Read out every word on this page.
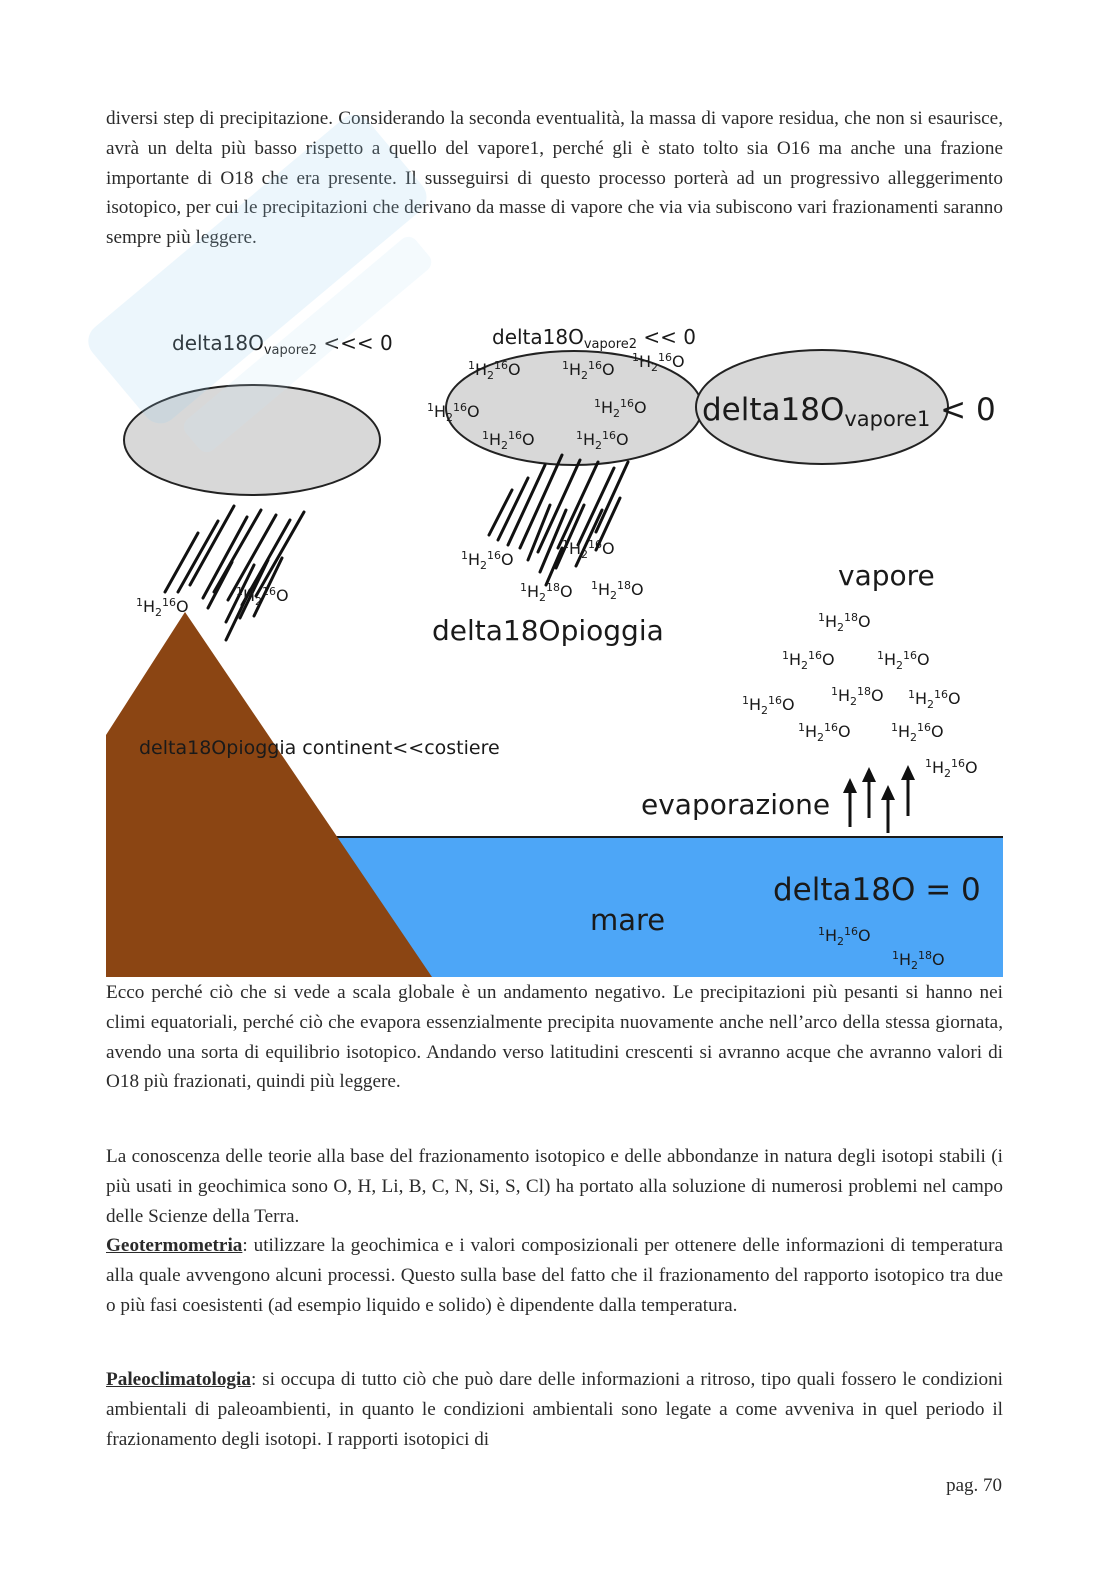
diversi step di precipitazione. Considerando la seconda eventualità, la massa di vapore residua, che non si esaurisce, avrà un delta più basso rispetto a quello del vapore1, perché gli è stato tolto sia O16 ma anche una frazione importante di O18 che era presente. Il susseguirsi di questo processo porterà ad un progressivo alleggerimento isotopico, per cui le precipitazioni che derivano da masse di vapore che via via subiscono vari frazionamenti saranno sempre più leggere.

$delta18O_{vapore2}$ <<< 0	$delta18O_{vapore2} << 0$
delta18Ovapore1 < 0
delta18Opioggia
delta18Opioggia continent<<costiere
vapore
evaporazione
mare
delta18O = 0
$^1H_2^{16}O$	$^1H_2^{16}O$
$^1H_2^{16}O$
$^1H_2^{16}O$	$^1H_2^{16}O$
$^1H_2^{16}O$	$^1H_2^{16}O$
$^1H_2^{16}O$
$^1H_2^{16}O$
$^1H_2^{18}O$ $^1H_2^{18}O$
$^1H_2^{16}O$
$^1H_2^{16}O$
$^1H_2^{18}O$
$^1H_2^{16}O$	$^1H_2^{16}O$
$^1H_2^{18}O$
$^1H_2^{16}O$
$^1H_2^{16}O$
$^1H_2^{16}O$	$^1H_2^{16}O$
$^1H_2^{16}O$
$^1H_2^{16}O$
$^1H_2^{18}O$

Ecco perché ciò che si vede a scala globale è un andamento negativo. Le precipitazioni più pesanti si hanno nei climi equatoriali, perché ciò che evapora essenzialmente precipita nuovamente anche nell’arco della stessa giornata, avendo una sorta di equilibrio isotopico. Andando verso latitudini crescenti si avranno acque che avranno valori di O18 più frazionati, quindi più leggere.

La conoscenza delle teorie alla base del frazionamento isotopico e delle abbondanze in natura degli isotopi stabili (i più usati in geochimica sono O, H, Li, B, C, N, Si, S, Cl) ha portato alla soluzione di numerosi problemi nel campo delle Scienze della Terra.

Geotermometria: utilizzare la geochimica e i valori composizionali per ottenere delle informazioni di temperatura alla quale avvengono alcuni processi. Questo sulla base del fatto che il frazionamento del rapporto isotopico tra due o più fasi coesistenti (ad esempio liquido e solido) è dipendente dalla temperatura.

Paleoclimatologia: si occupa di tutto ciò che può dare delle informazioni a ritroso, tipo quali fossero le condizioni ambientali di paleoambienti, in quanto le condizioni ambientali sono legate a come avveniva in quel periodo il frazionamento degli isotopi. I rapporti isotopici di

pag. 70
